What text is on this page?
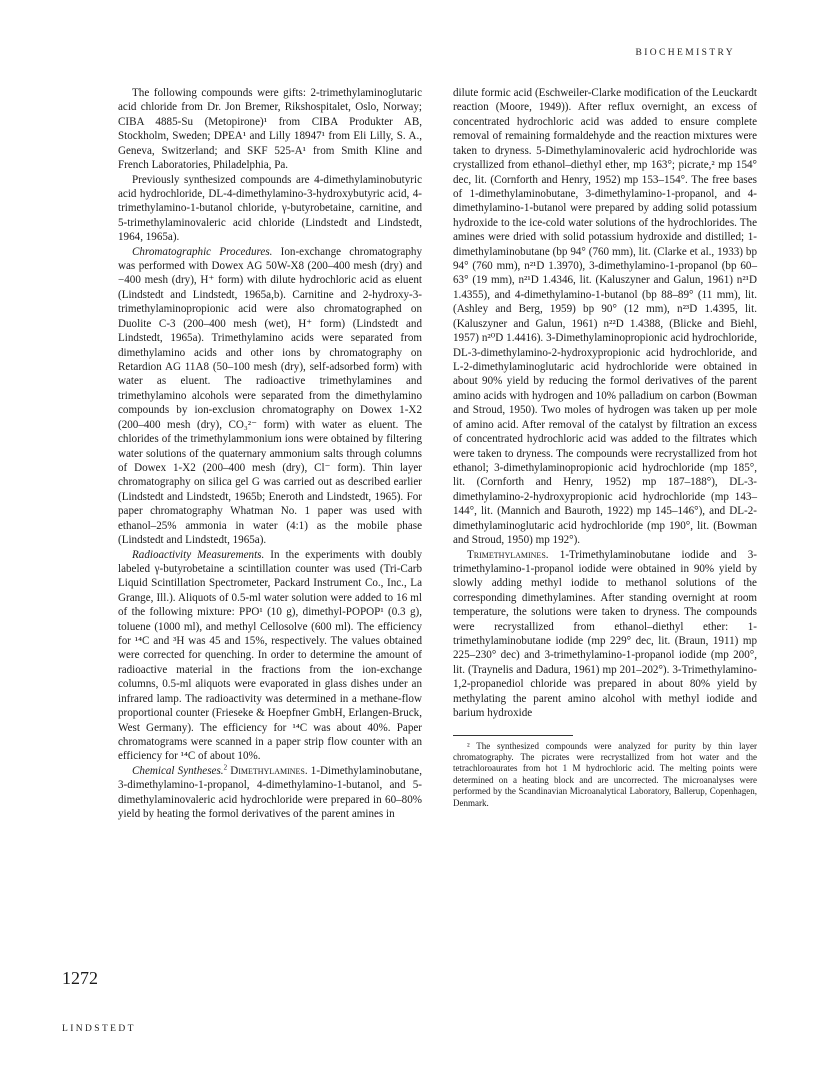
BIOCHEMISTRY

The following compounds were gifts: 2-trimethylaminoglutaric acid chloride from Dr. Jon Bremer, Rikshospitalet, Oslo, Norway; CIBA 4885-Su (Metopirone)¹ from CIBA Produkter AB, Stockholm, Sweden; DPEA¹ and Lilly 18947¹ from Eli Lilly, S. A., Geneva, Switzerland; and SKF 525-A¹ from Smith Kline and French Laboratories, Philadelphia, Pa.

Previously synthesized compounds are 4-dimethylaminobutyric acid hydrochloride, DL-4-dimethylamino-3-hydroxybutyric acid, 4-trimethylamino-1-butanol chloride, γ-butyrobetaine, carnitine, and 5-trimethylaminovaleric acid chloride (Lindstedt and Lindstedt, 1964, 1965a).

Chromatographic Procedures. Ion-exchange chromatography was performed with Dowex AG 50W-X8 (200–400 mesh (dry) and −400 mesh (dry), H⁺ form) with dilute hydrochloric acid as eluent (Lindstedt and Lindstedt, 1965a,b). Carnitine and 2-hydroxy-3-trimethylaminopropionic acid were also chromatographed on Duolite C-3 (200–400 mesh (wet), H⁺ form) (Lindstedt and Lindstedt, 1965a). Trimethylamino acids were separated from dimethylamino acids and other ions by chromatography on Retardion AG 11A8 (50–100 mesh (dry), self-adsorbed form) with water as eluent. The radioactive trimethylamines and trimethylamino alcohols were separated from the dimethylamino compounds by ion-exclusion chromatography on Dowex 1-X2 (200–400 mesh (dry), CO₃²⁻ form) with water as eluent. The chlorides of the trimethylammonium ions were obtained by filtering water solutions of the quaternary ammonium salts through columns of Dowex 1-X2 (200–400 mesh (dry), Cl⁻ form). Thin layer chromatography on silica gel G was carried out as described earlier (Lindstedt and Lindstedt, 1965b; Eneroth and Lindstedt, 1965). For paper chromatography Whatman No. 1 paper was used with ethanol–25% ammonia in water (4:1) as the mobile phase (Lindstedt and Lindstedt, 1965a).

Radioactivity Measurements. In the experiments with doubly labeled γ-butyrobetaine a scintillation counter was used (Tri-Carb Liquid Scintillation Spectrometer, Packard Instrument Co., Inc., La Grange, Ill.). Aliquots of 0.5-ml water solution were added to 16 ml of the following mixture: PPO¹ (10 g), dimethyl-POPOP¹ (0.3 g), toluene (1000 ml), and methyl Cellosolve (600 ml). The efficiency for ¹⁴C and ³H was 45 and 15%, respectively. The values obtained were corrected for quenching. In order to determine the amount of radioactive material in the fractions from the ion-exchange columns, 0.5-ml aliquots were evaporated in glass dishes under an infrared lamp. The radioactivity was determined in a methane-flow proportional counter (Frieseke & Hoepfner GmbH, Erlangen-Bruck, West Germany). The efficiency for ¹⁴C was about 40%. Paper chromatograms were scanned in a paper strip flow counter with an efficiency for ¹⁴C of about 10%.

Chemical Syntheses.$^2$ Dimethylamines. 1-Dimethylaminobutane, 3-dimethylamino-1-propanol, 4-dimethylamino-1-butanol, and 5-dimethylaminovaleric acid hydrochloride were prepared in 60–80% yield by heating the formol derivatives of the parent amines in

dilute formic acid (Eschweiler-Clarke modification of the Leuckardt reaction (Moore, 1949)). After reflux overnight, an excess of concentrated hydrochloric acid was added to ensure complete removal of remaining formaldehyde and the reaction mixtures were taken to dryness. 5-Dimethylaminovaleric acid hydrochloride was crystallized from ethanol–diethyl ether, mp 163°; picrate,² mp 154° dec, lit. (Cornforth and Henry, 1952) mp 153–154°. The free bases of 1-dimethylaminobutane, 3-dimethylamino-1-propanol, and 4-dimethylamino-1-butanol were prepared by adding solid potassium hydroxide to the ice-cold water solutions of the hydrochlorides. The amines were dried with solid potassium hydroxide and distilled; 1-dimethylaminobutane (bp 94° (760 mm), lit. (Clarke et al., 1933) bp 94° (760 mm), n²¹D 1.3970), 3-dimethylamino-1-propanol (bp 60–63° (19 mm), n²¹D 1.4346, lit. (Kaluszyner and Galun, 1961) n²¹D 1.4355), and 4-dimethylamino-1-butanol (bp 88–89° (11 mm), lit. (Ashley and Berg, 1959) bp 90° (12 mm), n²³D 1.4395, lit. (Kaluszyner and Galun, 1961) n²²D 1.4388, (Blicke and Biehl, 1957) n²⁰D 1.4416). 3-Dimethylaminopropionic acid hydrochloride, DL-3-dimethylamino-2-hydroxypropionic acid hydrochloride, and L-2-dimethylaminoglutaric acid hydrochloride were obtained in about 90% yield by reducing the formol derivatives of the parent amino acids with hydrogen and 10% palladium on carbon (Bowman and Stroud, 1950). Two moles of hydrogen was taken up per mole of amino acid. After removal of the catalyst by filtration an excess of concentrated hydrochloric acid was added to the filtrates which were taken to dryness. The compounds were recrystallized from hot ethanol; 3-dimethylaminopropionic acid hydrochloride (mp 185°, lit. (Cornforth and Henry, 1952) mp 187–188°), DL-3-dimethylamino-2-hydroxypropionic acid hydrochloride (mp 143–144°, lit. (Mannich and Bauroth, 1922) mp 145–146°), and DL-2-dimethylaminoglutaric acid hydrochloride (mp 190°, lit. (Bowman and Stroud, 1950) mp 192°).

Trimethylamines. 1-Trimethylaminobutane iodide and 3-trimethylamino-1-propanol iodide were obtained in 90% yield by slowly adding methyl iodide to methanol solutions of the corresponding dimethylamines. After standing overnight at room temperature, the solutions were taken to dryness. The compounds were recrystallized from ethanol–diethyl ether: 1-trimethylaminobutane iodide (mp 229° dec, lit. (Braun, 1911) mp 225–230° dec) and 3-trimethylamino-1-propanol iodide (mp 200°, lit. (Traynelis and Dadura, 1961) mp 201–202°). 3-Trimethylamino-1,2-propanediol chloride was prepared in about 80% yield by methylating the parent amino alcohol with methyl iodide and barium hydroxide

² The synthesized compounds were analyzed for purity by thin layer chromatography. The picrates were recrystallized from hot water and the tetrachloroaurates from hot 1 M hydrochloric acid. The melting points were determined on a heating block and are uncorrected. The microanalyses were performed by the Scandinavian Microanalytical Laboratory, Ballerup, Copenhagen, Denmark.

1272
LINDSTEDT
